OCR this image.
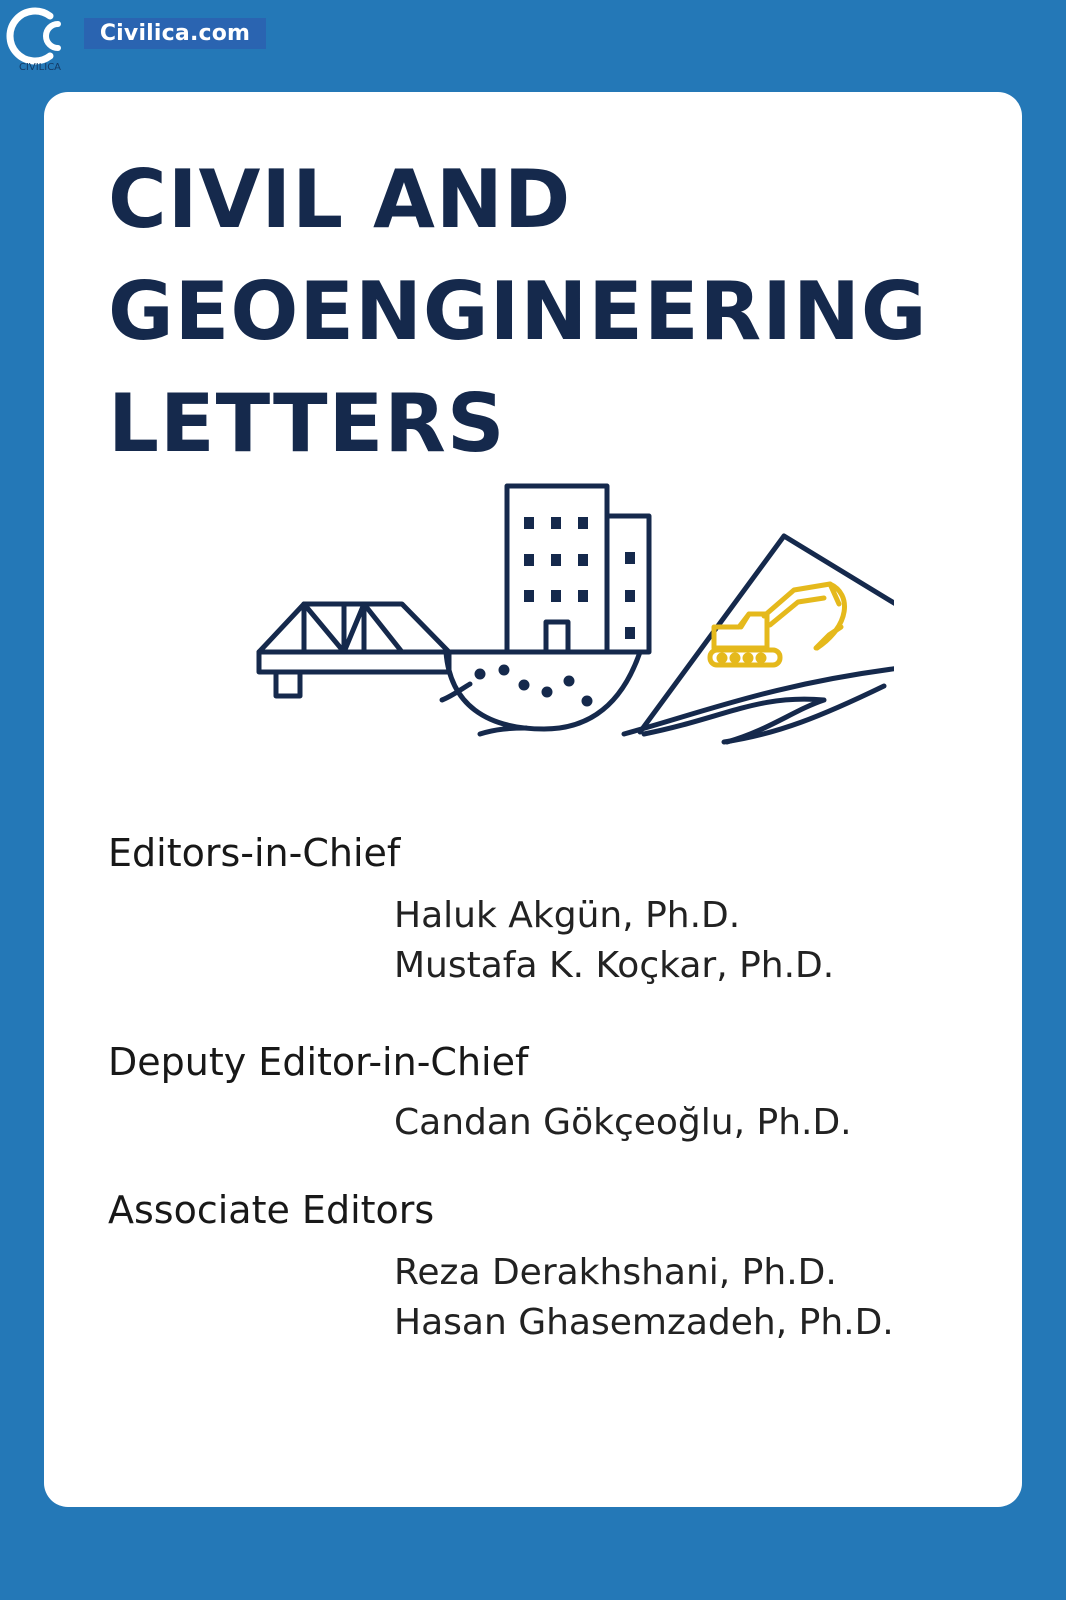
CIVILICA
Civilica.com
CIVIL AND
GEOENGINEERING
LETTERS
Editors-in-Chief
Haluk Akgün, Ph.D.
Mustafa K. Koçkar, Ph.D.
Deputy Editor-in-Chief
Candan Gökçeoğlu, Ph.D.
Associate Editors
Reza Derakhshani, Ph.D.
Hasan Ghasemzadeh, Ph.D.
